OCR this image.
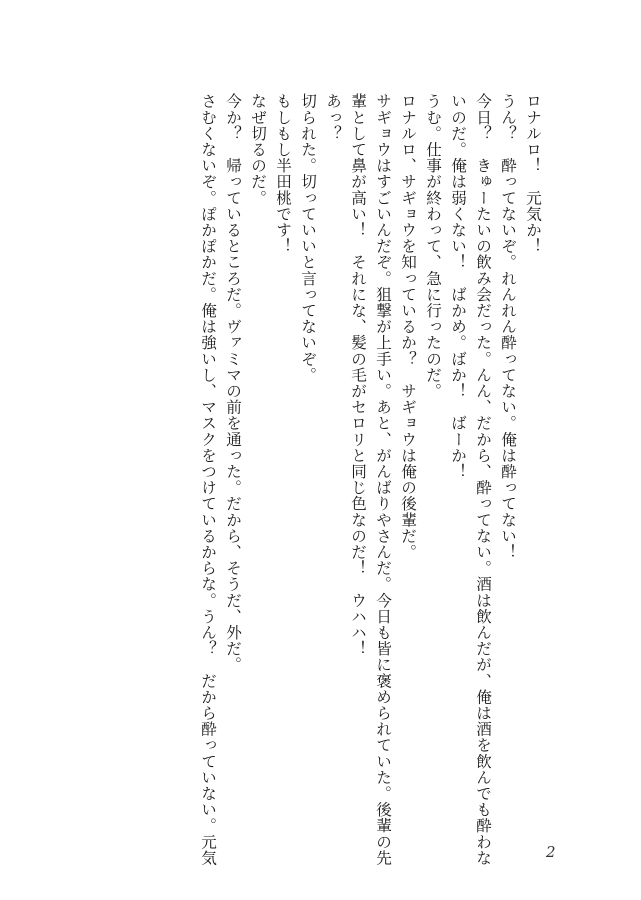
ロナルロ！　元気か！
うん？　酔ってないぞ。れんれん酔ってない。俺は酔ってない！
今日？　きゅーたいの飲み会だった。んん、だから、酔ってない。酒は飲んだが、俺は酒を飲んでも酔わな
いのだ。俺は弱くない！　ばかめ。ばか！　ばーか！
うむ。仕事が終わって、急に行ったのだ。
ロナルロ、サギョウを知っているか？　サギョウは俺の後輩だ。
サギョウはすごいんだぞ。狙撃が上手い。あと、がんばりやさんだ。今日も皆に褒められていた。後輩の先
輩として鼻が高い！　それにな、髪の毛がセロリと同じ色なのだ！　ウハハ！
あっ？
切られた。切っていいと言ってないぞ。
もしもし半田桃です！
なぜ切るのだ。
今か？　帰っているところだ。ヴァミマの前を通った。だから、そうだ、外だ。
さむくないぞ。ぽかぽかだ。俺は強いし、マスクをつけているからな。うん？　だから酔っていない。元気	2
